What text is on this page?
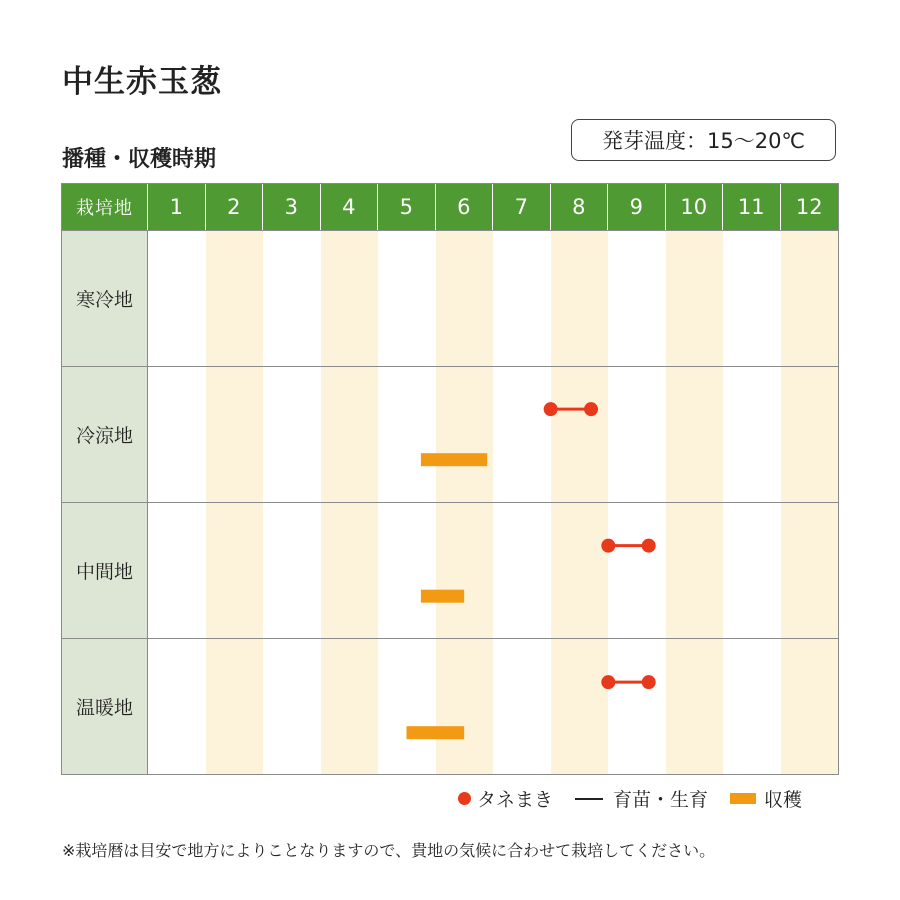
中生赤玉葱
播種・収穫時期
発芽温度：15～20℃
栽培地	1	2	3	4	5	6	7	8	9	10	11	12
寒冷地
冷涼地
中間地
温暖地
タネまき	育苗・生育	収穫
※栽培暦は目安で地方によりことなりますので、貴地の気候に合わせて栽培してください。
